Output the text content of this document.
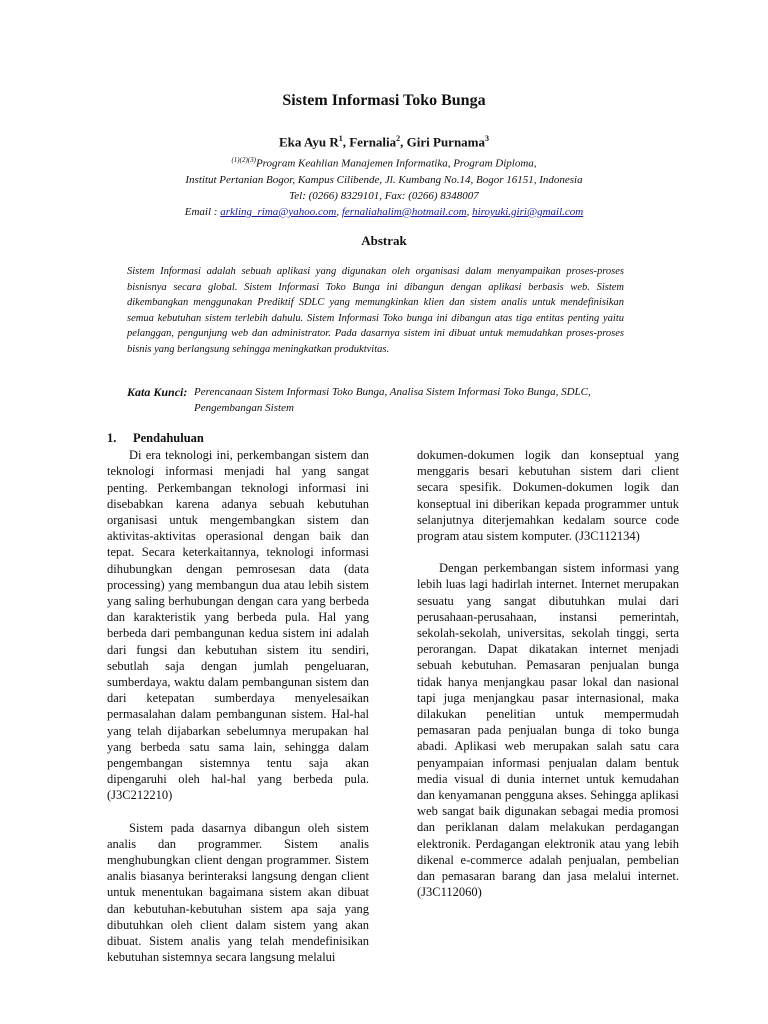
Sistem Informasi Toko Bunga
Eka Ayu $R^1$, Fernalia$^2$, Giri Purnama$^3$
$^{(1)(2)(3)}$Program Keahlian Manajemen Informatika, Program Diploma,
Institut Pertanian Bogor, Kampus Cilibende, Jl. Kumbang No.14, Bogor 16151, Indonesia
Tel: (0266) 8329101, Fax: (0266) 8348007
Email : arkling_rima@yahoo.com, fernaliahalim@hotmail.com, hiroyuki.giri@gmail.com
Abstrak
Sistem Informasi adalah sebuah aplikasi yang digunakan oleh organisasi dalam menyampaikan proses-proses bisnisnya secara global. Sistem Informasi Toko Bunga ini dibangun dengan aplikasi berbasis web. Sistem dikembangkan menggunakan Prediktif SDLC yang memungkinkan klien dan sistem analis untuk mendefinisikan semua kebutuhan sistem terlebih dahulu. Sistem Informasi Toko bunga ini dibangun atas tiga entitas penting yaitu pelanggan, pengunjung web dan administrator. Pada dasarnya sistem ini dibuat untuk memudahkan proses-proses bisnis yang berlangsung sehingga meningkatkan produktvitas.
Kata Kunci: Perencanaan Sistem Informasi Toko Bunga, Analisa Sistem Informasi Toko Bunga, SDLC, Pengembangan Sistem
1. Pendahuluan

Di era teknologi ini, perkembangan sistem dan teknologi informasi menjadi hal yang sangat penting. Perkembangan teknologi informasi ini disebabkan karena adanya sebuah kebutuhan organisasi untuk mengembangkan sistem dan aktivitas-aktivitas operasional dengan baik dan tepat. Secara keterkaitannya, teknologi informasi dihubungkan dengan pemrosesan data (data processing) yang membangun dua atau lebih sistem yang saling berhubungan dengan cara yang berbeda dan karakteristik yang berbeda pula. Hal yang berbeda dari pembangunan kedua sistem ini adalah dari fungsi dan kebutuhan sistem itu sendiri, sebutlah saja dengan jumlah pengeluaran, sumberdaya, waktu dalam pembangunan sistem dan dari ketepatan sumberdaya menyelesaikan permasalahan dalam pembangunan sistem. Hal-hal yang telah dijabarkan sebelumnya merupakan hal yang berbeda satu sama lain, sehingga dalam pengembangan sistemnya tentu saja akan dipengaruhi oleh hal-hal yang berbeda pula. (J3C212210)

Sistem pada dasarnya dibangun oleh sistem analis dan programmer. Sistem analis menghubungkan client dengan programmer. Sistem analis biasanya berinteraksi langsung dengan client untuk menentukan bagaimana sistem akan dibuat dan kebutuhan-kebutuhan sistem apa saja yang dibutuhkan oleh client dalam sistem yang akan dibuat. Sistem analis yang telah mendefinisikan kebutuhan sistemnya secara langsung melalui

dokumen-dokumen logik dan konseptual yang menggaris besari kebutuhan sistem dari client secara spesifik. Dokumen-dokumen logik dan konseptual ini diberikan kepada programmer untuk selanjutnya diterjemahkan kedalam source code program atau sistem komputer. (J3C112134)

Dengan perkembangan sistem informasi yang lebih luas lagi hadirlah internet. Internet merupakan sesuatu yang sangat dibutuhkan mulai dari perusahaan-perusahaan, instansi pemerintah, sekolah-sekolah, universitas, sekolah tinggi, serta perorangan. Dapat dikatakan internet menjadi sebuah kebutuhan. Pemasaran penjualan bunga tidak hanya menjangkau pasar lokal dan nasional tapi juga menjangkau pasar internasional, maka dilakukan penelitian untuk mempermudah pemasaran pada penjualan bunga di toko bunga abadi. Aplikasi web merupakan salah satu cara penyampaian informasi penjualan dalam bentuk media visual di dunia internet untuk kemudahan dan kenyamanan pengguna akses. Sehingga aplikasi web sangat baik digunakan sebagai media promosi dan periklanan dalam melakukan perdagangan elektronik. Perdagangan elektronik atau yang lebih dikenal e-commerce adalah penjualan, pembelian dan pemasaran barang dan jasa melalui internet. (J3C112060)
